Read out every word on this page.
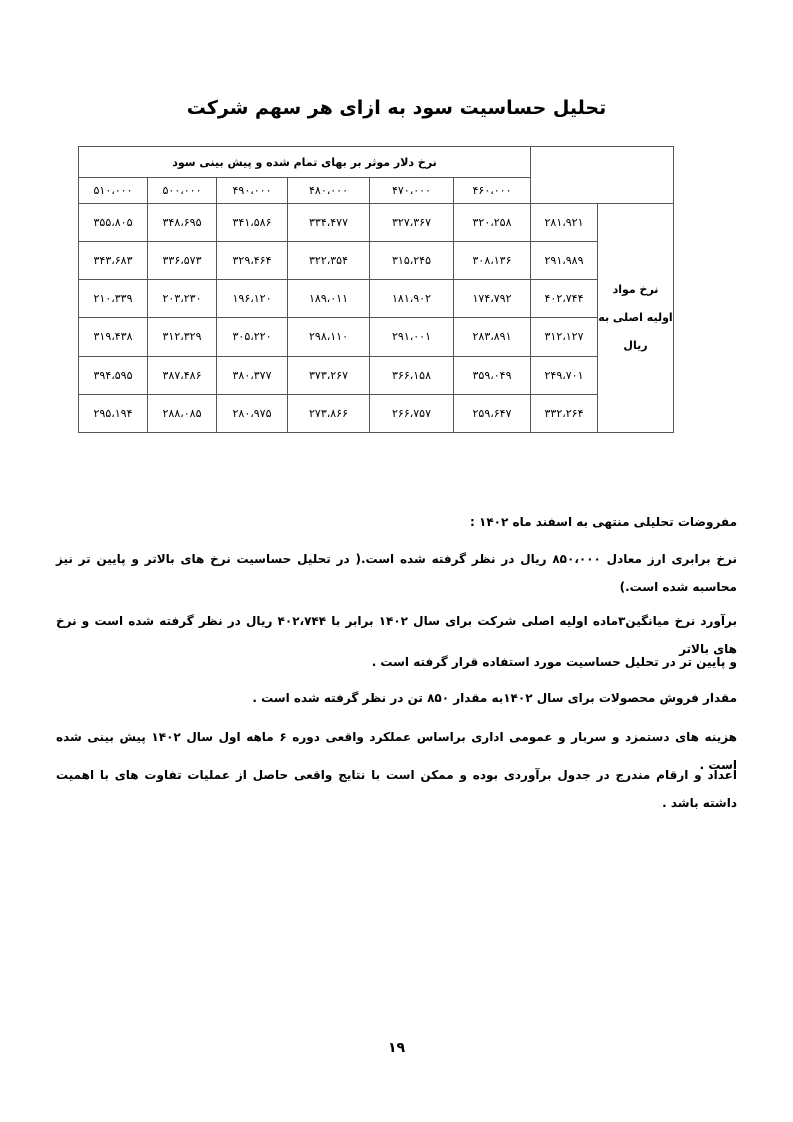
تحلیل حساسیت سود به ازای هر سهم شرکت
		نرخ دلار موثر بر بهای تمام شده و پیش بینی سود					
		۴۶۰،۰۰۰	۴۷۰،۰۰۰	۴۸۰،۰۰۰	۴۹۰،۰۰۰	۵۰۰،۰۰۰	۵۱۰،۰۰۰
نرخ مواد اولیه اصلی به ریال	۲۸۱،۹۲۱	۳۲۰،۲۵۸	۳۲۷،۳۶۷	۳۳۴،۴۷۷	۳۴۱،۵۸۶	۳۴۸،۶۹۵	۳۵۵،۸۰۵
	۲۹۱،۹۸۹	۳۰۸،۱۳۶	۳۱۵،۲۴۵	۳۲۲،۳۵۴	۳۲۹،۴۶۴	۳۳۶،۵۷۳	۳۴۳،۶۸۳
	۴۰۲،۷۴۴	۱۷۴،۷۹۲	۱۸۱،۹۰۲	۱۸۹،۰۱۱	۱۹۶،۱۲۰	۲۰۳،۲۳۰	۲۱۰،۳۳۹
	۳۱۲،۱۲۷	۲۸۳،۸۹۱	۲۹۱،۰۰۱	۲۹۸،۱۱۰	۳۰۵،۲۲۰	۳۱۲،۳۲۹	۳۱۹،۴۳۸
	۲۴۹،۷۰۱	۳۵۹،۰۴۹	۳۶۶،۱۵۸	۳۷۳،۲۶۷	۳۸۰،۳۷۷	۳۸۷،۴۸۶	۳۹۴،۵۹۵
	۳۳۲،۲۶۴	۲۵۹،۶۴۷	۲۶۶،۷۵۷	۲۷۳،۸۶۶	۲۸۰،۹۷۵	۲۸۸،۰۸۵	۲۹۵،۱۹۴

مفروضات تحلیلی منتهی به اسفند ماه ۱۴۰۲ :

نرخ برابری ارز معادل ۸۵۰،۰۰۰ ریال در نظر گرفته شده است.( در تحلیل حساسیت نرخ های بالاتر و پایین تر نیز محاسبه شده است.)

برآورد نرخ میانگین۳ماده اولیه اصلی شرکت برای سال ۱۴۰۲ برابر با ۴۰۲،۷۴۴ ریال در نظر گرفته شده است و نرخ های بالاتر

و پایین تر در تحلیل حساسیت مورد استفاده قرار گرفته است .

مقدار فروش محصولات برای سال ۱۴۰۲به مقدار ۸۵۰ تن در نظر گرفته شده است .

هزینه های دستمزد و سربار و عمومی اداری براساس عملکرد واقعی دوره ۶ ماهه اول سال ۱۴۰۲ پیش بینی شده است .

اعداد و ارقام مندرج در جدول برآوردی بوده و ممکن است با نتایج واقعی حاصل از عملیات تفاوت های با اهمیت داشته باشد .

۱۹
